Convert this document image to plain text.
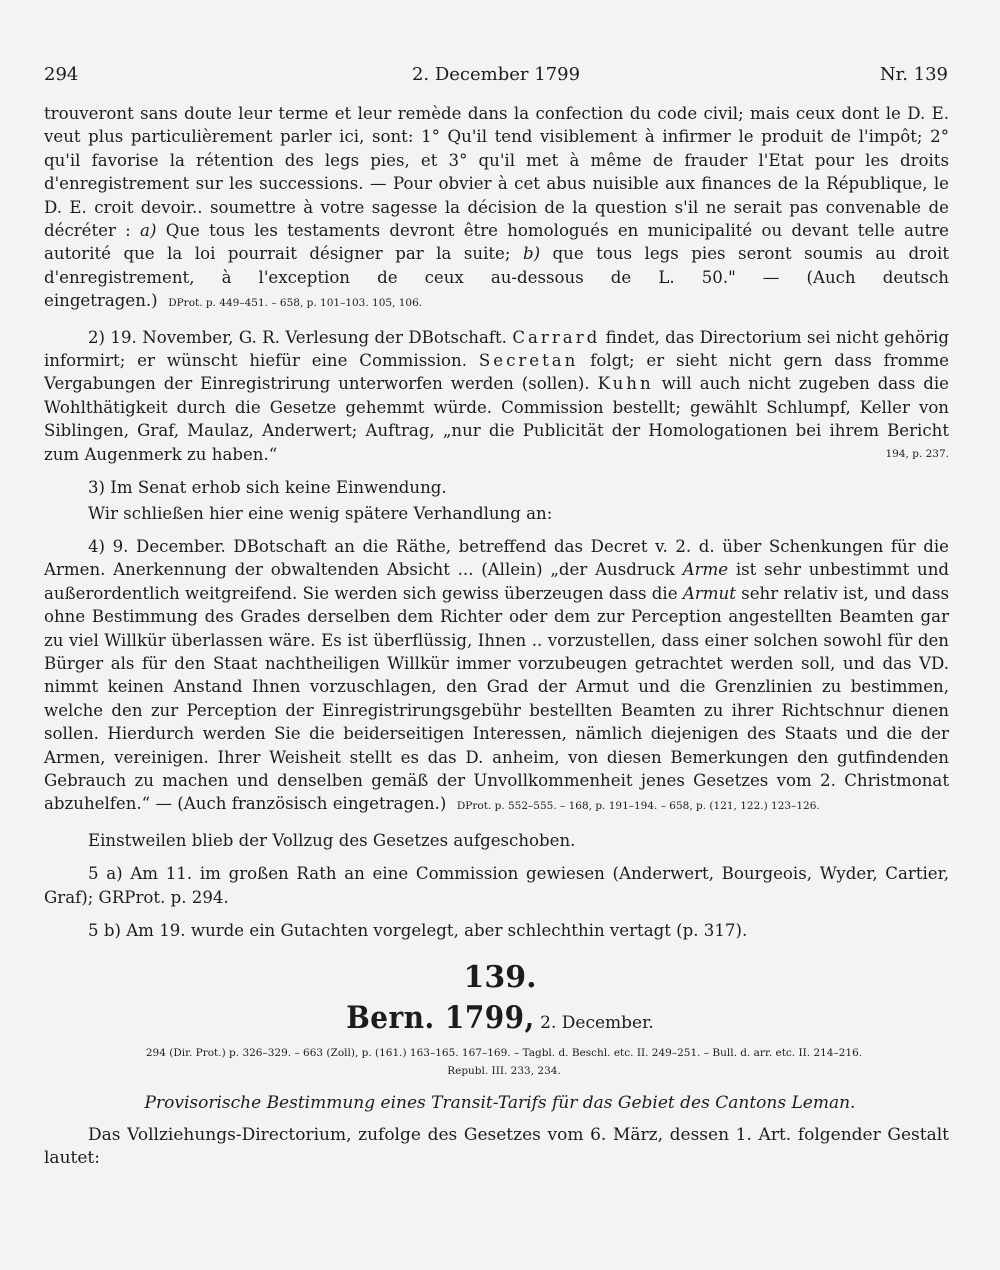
294	2. December 1799	Nr. 139

trouveront sans doute leur terme et leur remède dans la confection du code civil; mais ceux dont le D. E. veut plus particulièrement parler ici, sont: 1° Qu'il tend visiblement à infirmer le produit de l'impôt; 2° qu'il favorise la rétention des legs pies, et 3° qu'il met à même de frauder l'Etat pour les droits d'enregistrement sur les successions. — Pour obvier à cet abus nuisible aux finances de la République, le D. E. croit devoir.. soumettre à votre sagesse la décision de la question s'il ne serait pas convenable de décréter : a) Que tous les testaments devront être homologués en municipalité ou devant telle autre autorité que la loi pourrait désigner par la suite; b) que tous legs pies seront soumis au droit d'enregistrement, à l'exception de ceux au-dessous de L. 50." — (Auch deutsch eingetragen.) DProt. p. 449–451. – 658, p. 101–103. 105, 106.

2) 19. November, G. R. Verlesung der DBotschaft. Carrard findet, das Directorium sei nicht gehörig informirt; er wünscht hiefür eine Commission. Secretan folgt; er sieht nicht gern dass fromme Vergabungen der Einregistrirung unterworfen werden (sollen). Kuhn will auch nicht zugeben dass die Wohlthätigkeit durch die Gesetze gehemmt würde. Commission bestellt; gewählt Schlumpf, Keller von Siblingen, Graf, Maulaz, Anderwert; Auftrag, „nur die Publicität der Homologationen bei ihrem Bericht zum Augenmerk zu haben.“	194, p. 237.

3) Im Senat erhob sich keine Einwendung.

Wir schließen hier eine wenig spätere Verhandlung an:

4) 9. December. DBotschaft an die Räthe, betreffend das Decret v. 2. d. über Schenkungen für die Armen. Anerkennung der obwaltenden Absicht ... (Allein) „der Ausdruck Arme ist sehr unbestimmt und außerordentlich weitgreifend. Sie werden sich gewiss überzeugen dass die Armut sehr relativ ist, und dass ohne Bestimmung des Grades derselben dem Richter oder dem zur Perception angestellten Beamten gar zu viel Willkür überlassen wäre. Es ist überflüssig, Ihnen .. vorzustellen, dass einer solchen sowohl für den Bürger als für den Staat nachtheiligen Willkür immer vorzubeugen getrachtet werden soll, und das VD. nimmt keinen Anstand Ihnen vorzuschlagen, den Grad der Armut und die Grenzlinien zu bestimmen, welche den zur Perception der Einregistrirungsgebühr bestellten Beamten zu ihrer Richtschnur dienen sollen. Hierdurch werden Sie die beiderseitigen Interessen, nämlich diejenigen des Staats und die der Armen, vereinigen. Ihrer Weisheit stellt es das D. anheim, von diesen Bemerkungen den gutfindenden Gebrauch zu machen und denselben gemäß der Unvollkommenheit jenes Gesetzes vom 2. Christmonat abzuhelfen.“ — (Auch französisch eingetragen.) DProt. p. 552–555. – 168, p. 191–194. – 658, p. (121, 122.) 123–126.

Einstweilen blieb der Vollzug des Gesetzes aufgeschoben.

5 a) Am 11. im großen Rath an eine Commission gewiesen (Anderwert, Bourgeois, Wyder, Cartier, Graf); GRProt. p. 294.

5 b) Am 19. wurde ein Gutachten vorgelegt, aber schlechthin vertagt (p. 317).

139.
Bern. 1799, 2. December.
294 (Dir. Prot.) p. 326–329. – 663 (Zoll), p. (161.) 163–165. 167–169. – Tagbl. d. Beschl. etc. II. 249–251. – Bull. d. arr. etc. II. 214–216.
Republ. III. 233, 234.
Provisorische Bestimmung eines Transit-Tarifs für das Gebiet des Cantons Leman.
Das Vollziehungs-Directorium, zufolge des Gesetzes vom 6. März, dessen 1. Art. folgender Gestalt lautet:
